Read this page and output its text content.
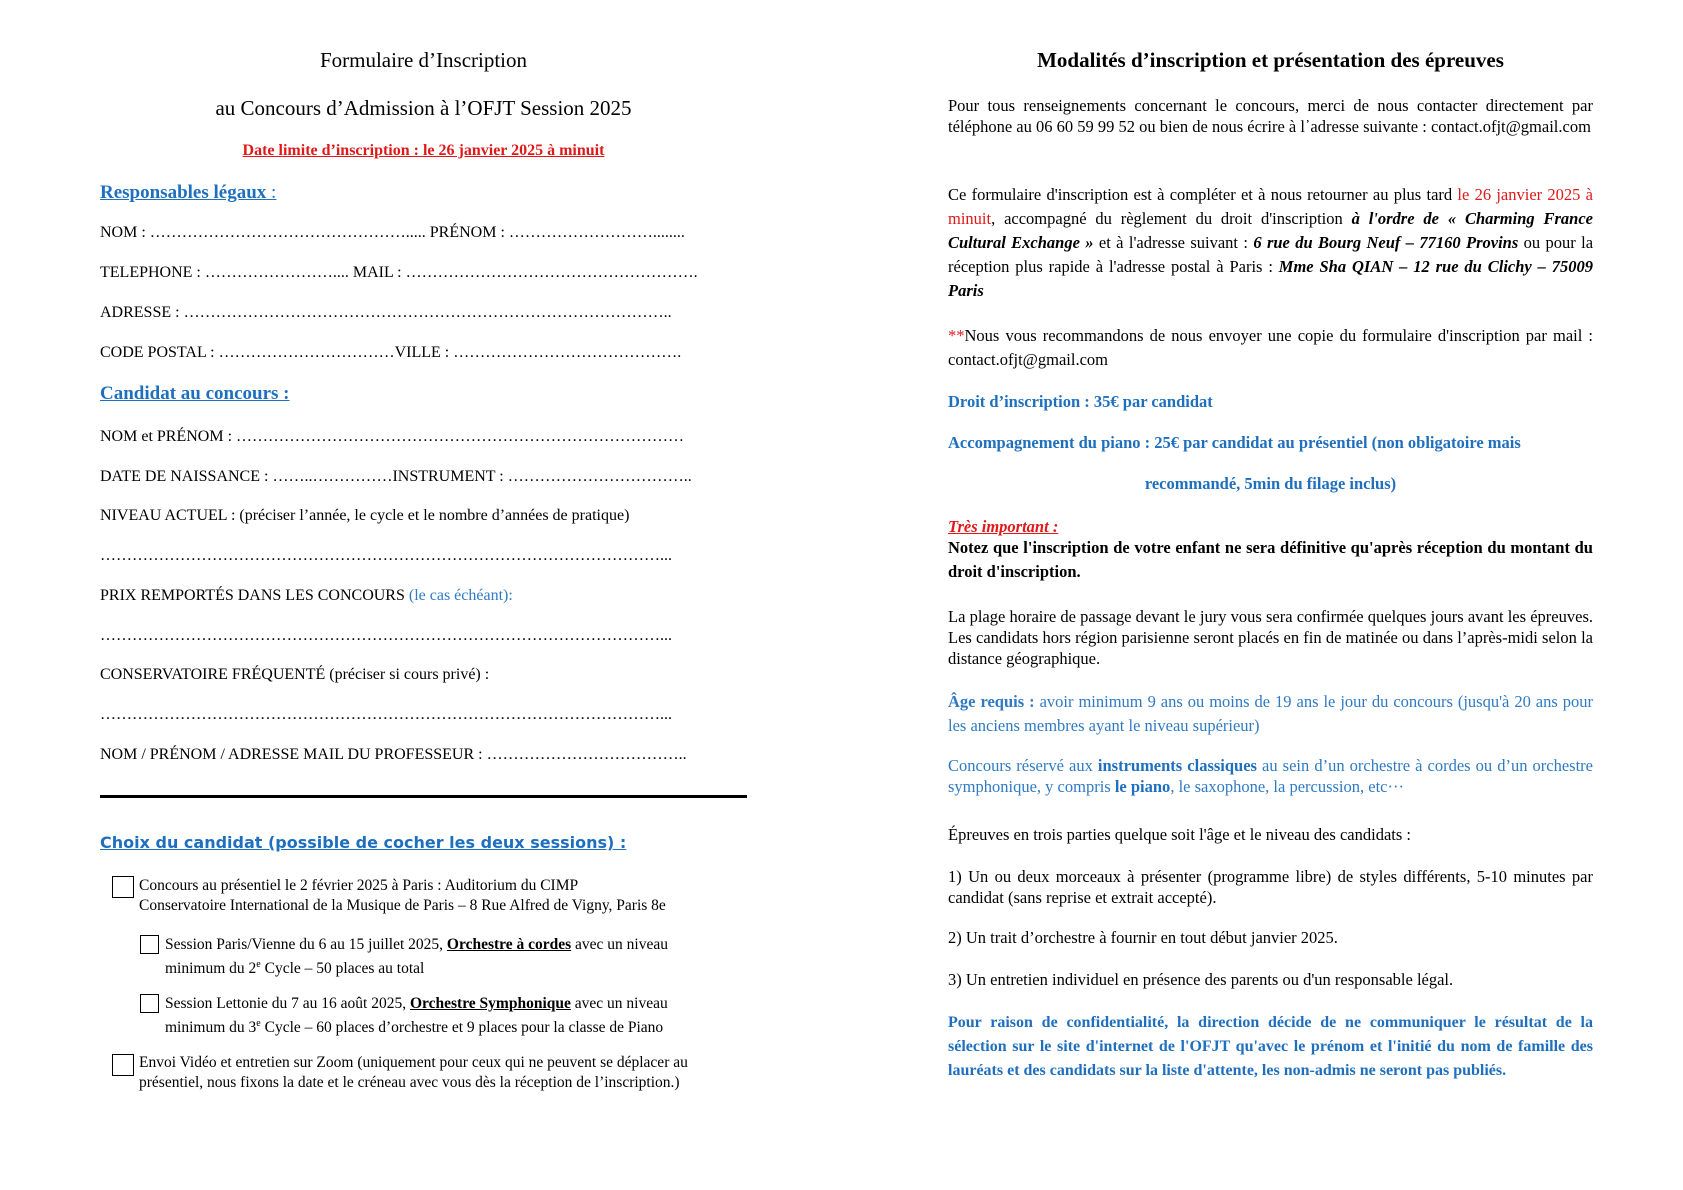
Formulaire d’Inscription
au Concours d’Admission à l’OFJT Session 2025
Date limite d’inscription : le 26 janvier 2025 à minuit
Responsables légaux :
NOM : …………………………………………..... PRÉNOM : ………………………........
TELEPHONE : …………………….... MAIL : ……………………………………………….
ADRESSE : ………………………………………………………………………………..
CODE POSTAL : ……………………………VILLE : …………………………………….
Candidat au concours :
NOM et PRÉNOM : …………………………………………………………………………
DATE DE NAISSANCE : ……..……………INSTRUMENT : ……………………………..
NIVEAU ACTUEL : (préciser l’année, le cycle et le nombre d’années de pratique)
……………………………………………………………………………………………...
PRIX REMPORTÉS DANS LES CONCOURS (le cas échéant):
……………………………………………………………………………………………...
CONSERVATOIRE FRÉQUENTÉ (préciser si cours privé) :
……………………………………………………………………………………………...
NOM / PRÉNOM / ADRESSE MAIL DU PROFESSEUR : ………………………………..
Choix du candidat (possible de cocher les deux sessions) :
Concours au présentiel le 2 février 2025 à Paris : Auditorium du CIMP
Conservatoire International de la Musique de Paris – 8 Rue Alfred de Vigny, Paris 8e
Session Paris/Vienne du 6 au 15 juillet 2025, Orchestre à cordes avec un niveau
minimum du 2e Cycle – 50 places au total
Session Lettonie du 7 au 16 août 2025, Orchestre Symphonique avec un niveau
minimum du 3e Cycle – 60 places d’orchestre et 9 places pour la classe de Piano
Envoi Vidéo et entretien sur Zoom (uniquement pour ceux qui ne peuvent se déplacer au
présentiel, nous fixons la date et le créneau avec vous dès la réception de l’inscription.)
Modalités d’inscription et présentation des épreuves
Pour tous renseignements concernant le concours, merci de nous contacter directement par téléphone au 06 60 59 99 52 ou bien de nous écrire à l᾽adresse suivante : contact.ofjt@gmail.com
Ce formulaire d'inscription est à compléter et à nous retourner au plus tard le 26 janvier 2025 à minuit, accompagné du règlement du droit d'inscription à l'ordre de « Charming France Cultural Exchange » et à l'adresse suivant : 6 rue du Bourg Neuf – 77160 Provins ou pour la réception plus rapide à l'adresse postal à Paris : Mme Sha QIAN – 12 rue du Clichy – 75009 Paris
**Nous vous recommandons de nous envoyer une copie du formulaire d'inscription par mail : contact.ofjt@gmail.com
Droit d’inscription : 35€ par candidat
Accompagnement du piano : 25€ par candidat au présentiel (non obligatoire mais
recommandé, 5min du filage inclus)
Très important :
Notez que l'inscription de votre enfant ne sera définitive qu'après réception du montant du droit d'inscription.
La plage horaire de passage devant le jury vous sera confirmée quelques jours avant les épreuves. Les candidats hors région parisienne seront placés en fin de matinée ou dans l’après-midi selon la distance géographique.
Âge requis : avoir minimum 9 ans ou moins de 19 ans le jour du concours (jusqu'à 20 ans pour les anciens membres ayant le niveau supérieur)
Concours réservé aux instruments classiques au sein d’un orchestre à cordes ou d’un orchestre symphonique, y compris le piano, le saxophone, la percussion, etc···
Épreuves en trois parties quelque soit l'âge et le niveau des candidats :
1) Un ou deux morceaux à présenter (programme libre) de styles différents, 5-10 minutes par candidat (sans reprise et extrait accepté).
2) Un trait d’orchestre à fournir en tout début janvier 2025.
3) Un entretien individuel en présence des parents ou d'un responsable légal.
Pour raison de confidentialité, la direction décide de ne communiquer le résultat de la sélection sur le site d'internet de l'OFJT qu'avec le prénom et l'initié du nom de famille des lauréats et des candidats sur la liste d'attente, les non-admis ne seront pas publiés.
